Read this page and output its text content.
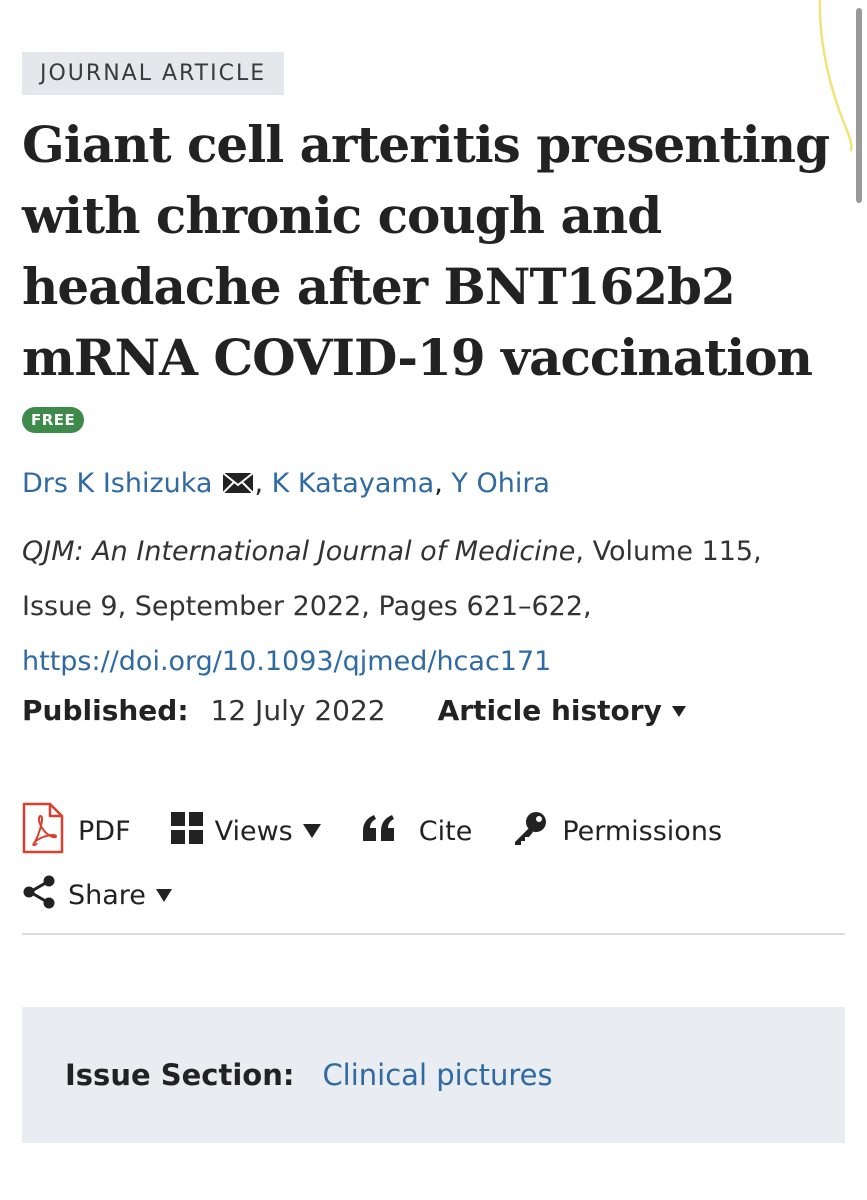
JOURNAL ARTICLE
Giant cell arteritis presenting with chronic cough and headache after BNT162b2 mRNA COVID-19 vaccination
FREE
Drs K Ishizuka , K Katayama, Y Ohira
QJM: An International Journal of Medicine, Volume 115, Issue 9, September 2022, Pages 621–622,
https://doi.org/10.1093/qjmed/hcac171
Published: 12 July 2022 Article history
PDF	Views	Cite	Permissions
Share
Issue Section: Clinical pictures
